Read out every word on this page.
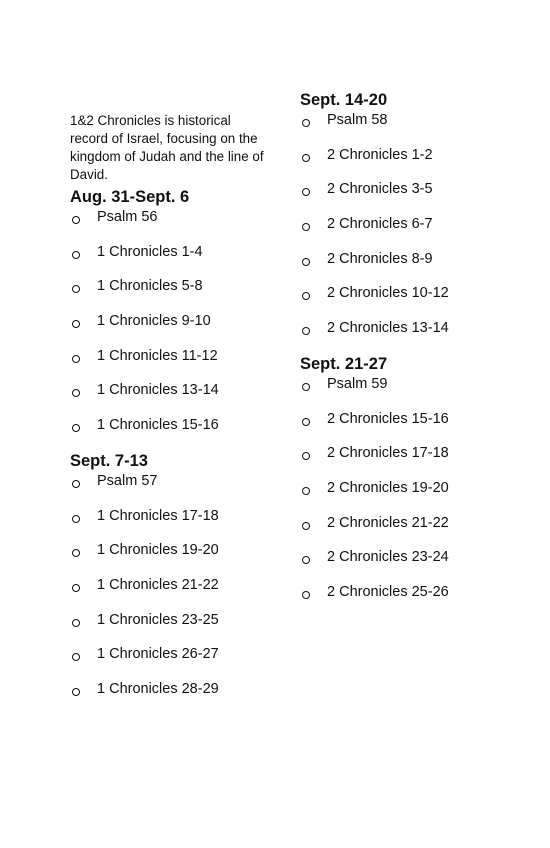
1&2 Chronicles is historical record of Israel, focusing on the kingdom of Judah and the line of David.

Aug. 31-Sept. 6
Psalm 56
1 Chronicles 1-4
1 Chronicles 5-8
1 Chronicles 9-10
1 Chronicles 11-12
1 Chronicles 13-14
1 Chronicles 15-16
Sept. 7-13
Psalm 57
1 Chronicles 17-18
1 Chronicles 19-20
1 Chronicles 21-22
1 Chronicles 23-25
1 Chronicles 26-27
1 Chronicles 28-29
Sept. 14-20
Psalm 58
2 Chronicles 1-2
2 Chronicles 3-5
2 Chronicles 6-7
2 Chronicles 8-9
2 Chronicles 10-12
2 Chronicles 13-14
Sept. 21-27
Psalm 59
2 Chronicles 15-16
2 Chronicles 17-18
2 Chronicles 19-20
2 Chronicles 21-22
2 Chronicles 23-24
2 Chronicles 25-26
